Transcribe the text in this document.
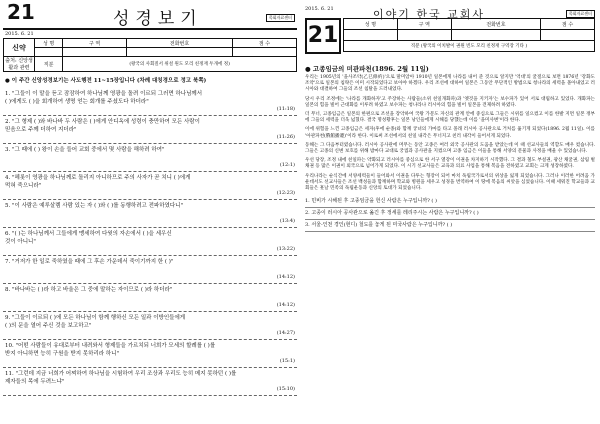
21	성경보기	목회자료센터
2015. 6. 21
신약	성 명	구 역	전화번호	점 수

출처: 신앙생활과 관련	직분	(왕국의 사회질서 위설 원도 모리 친정재 두개에 정)		
● 이 주간 신앙성경보기는 사도행전 11~15장입니다 (차례 대칭경으로 정고 북쪽)
1. "그들이 이 말을 듣고 잠잠하여 하나님께 영광을 돌려 이르되 그러면 하나님께서
( )에게도 ( )을 회개하여 생명 얻는 회개를 주셨도다 하더라"
(11:18)
2. "그 형제 ( )와 바나바 두 사람은 ( )에게 안디옥에 성령이 충만하여 모든 사람이
믿음으로 주께 더하여 지더라"
(11:26)
3. "그 때에 ( ) 왕이 손을 들어 교회 중에서 몇 사람을 해하려 하여"
(12:1)
4. "헤롯이 영광을 하나님께로 돌리지 아니하므로 주의 사자가 곧 치니 ( )에게
먹혀 죽으니라"
(12:23)
5. "이 사람은 예루살렘 사람 있는 자 ( )와 ( )를 동행하려고 전파하였다니"
(13:4)
6. "( )는 하나님께서 그들에게 맹세하여 다윗의 자손에서 ( )을 세우신
것이 아니니"
(13:22)
7. "거저가 한 일로 죽하였을 때에 그 후손 가운데서 죽이기까지 한 ( )"
(14:12)
8. "바나바는 ( )라 하고 바울은 그 중에 말하는 자이므로 ( )라 하더라"
(14:12)
9. "그들이 이르되 ( )에 모든 하나님이 함께 행하신 모든 일과 이방인들에게
( )의 문을 열어 주신 것을 보고하고"
(14:27)
10. "어떤 사람들이 유대로부터 내려와서 형제들을 가르치되 너희가 모세의 할례를 ( )를
받지 아니하면 능히 구원을 받지 못하리라 하니"
(15:1)
11. "그런데 지금 너희가 어찌하여 하나님을 시험하여 우리 조상과 우리도 능히 메지 못하던 ( )를
제자들의 목에 두려느냐"
(15:10)
2015. 6. 21	이야기 한국 교회사	목회자료센터
21	성 명	구 역	전화번호	점 수

직분 (왕국의 이치발이 권원 빈도 모리 친정재 구역장 기타 )			
● 고종임금의 미관파천(1896. 2월 11일)

우리는 1905년의 '을사조약(乙巳條約)'으로 말미암아 1910년 일본에게 나라를 내어 준 것으로 알지만 '억대'의 굴절으로 보면 1876년 '강화도 조약'으로 일본의 침략은 이미 시작되었다고 보아야 하겠다. 우리 조선에 대하여 일본은 그동안 무단적인 방법으로 청나라의 세력을 몰아내었고 러시아와 대결하여 그들의 조선 침탈을 드러내었다.

당시 우리 조정에는 '나라를 개화하자'고 주장하는 사람들(소위 친일개화파)과 '옛것을 지키자'는 보수파가 있어 서로 대립하고 있었다. 개화파는 일본의 힘을 빌어 근대화를 이루려 하였고 보수파는 청나라나 러시아의 힘을 빌어 일본을 견제하려 하였다.

더 무너, 고종임금은 일본의 한편으로 조선을 장악하여 국왕 가문도 자신의 관계 안에 중심으로 그들은 시위를 일으켰고 이를 한발 지면 일본 정부에 그들의 세력을 더욱 넓혔다. 결국 명성황후는 일본 낭인들에게 시해를 당했는데 이를 '을미사변'이라 한다.

이에 위험을 느낀 고종임금은 세자(후에 순종)와 함께 궁녀의 가마를 타고 몰래 러시아 공사관으로 거처를 옮기게 되었다(1896. 2월 11일). 이를 '아관파천(俄館播遷)'이라 한다. 이로써 조선에서의 친일 내각은 무너지고 친러 내각이 들어서게 되었다.

동해는 그 다음부터였습니다. 러시아 공사관에 머무는 동안 고종은 여러 외국 공사관의 도움을 받았는데 이 때 선교사들의 역할도 매우 컸습니다. 그들은 고종의 신변 보호를 위해 밤마다 교대로 궁궐과 공사관을 지켰으며 고종 임금은 이들을 통해 서양의 문물과 사정을 배울 수 있었습니다.

우선 당장, 조정 내에 친일파는 약화되고 러시아를 중심으로 한 서구 열강이 이권을 차지하기 시작했다. 그 결과 철도 부설권, 광산 채굴권, 삼림 벌채권 등 많은 이권이 외국으로 넘어가게 되었다. 이 시기 선교사들은 교육과 의료 사업을 통해 복음을 전하였고 교회는 크게 성장하였다.

우리나라는 순식간에 서양세력들이 들어와서 이권을 다투는 형장이 되어 마치 독립국가로서의 위상을 잃게 되었습니다. 그러나 이러한 어려움 가운데서도 선교사들은 조선 백성들과 함께하며 학교와 병원을 세우고 성경을 번역하여 이 땅에 복음의 씨앗을 심었습니다. 이때 세워진 학교들과 교회들은 훗날 민족의 독립운동과 신앙의 토대가 되었습니다.

1. 민비가 시해된 후 고종임금을 헌신 사람은 누구입니까? ( )
2. 고종이 러시아 공사관으로 옮긴 후 정세를 레리주시는 사람은 누구입니까? ( )
3. 서울-인천 경인(현디) 철도를 놓게 된 미국사람은 누구입니까? ( )
